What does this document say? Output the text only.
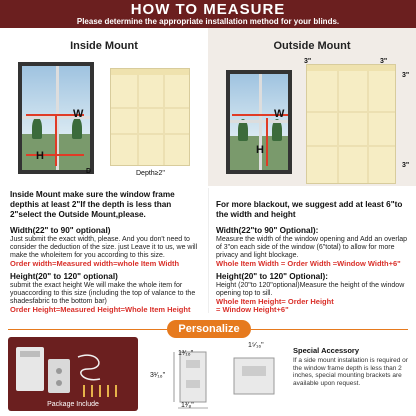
HOW TO MEASURE
Please determine the appropriate installation method for your blinds.
Inside Mount
W
H
D	Depth≥2"
Outside Mount
W
H
3"	3"
3"
3"
Inside Mount make sure the window frame depthis at least 2"If the depth is less than 2"select the Outside Mount,please.
Width(22" to 90" optional)
Just submit the exact width, please. And you don't need to consider the deduction of the size. just Leave it to us, we will make the wholeitem for you according to this size.
Order width=Measured width=whole Item Width
Height(20" to 120" optional)
submit the exact height We will make the whole item for youaccording to this size (including the top of valance to the shadesfabric to the bottom bar)
Order Height=Measured Height=Whole Item Height
For more blackout, we suggest add at least 6"to the width and height
Width(22"to 90" Optional):
Measure the width of the window opening and Add an overlap of 3"on each side of the window (6"total) to allow for more privacy and light blockage.
Whole Item Width = Order Width =Window Width+6"
Height(20" to 120" Optional):
Height (20"to 120"optional)Measure the height of the window opening top to sill.
Whole Item Height= Order Height
= Window Height+6"
Personalize
Package Include
1⁵⁄₁₆"
1³⁄₁₆"
3¹⁄₁₆"
1³⁄₈"
Special Accessory
If a side mount installation is required or the window frame depth is less than 2 inches, special mounting brackets are available upon request.
